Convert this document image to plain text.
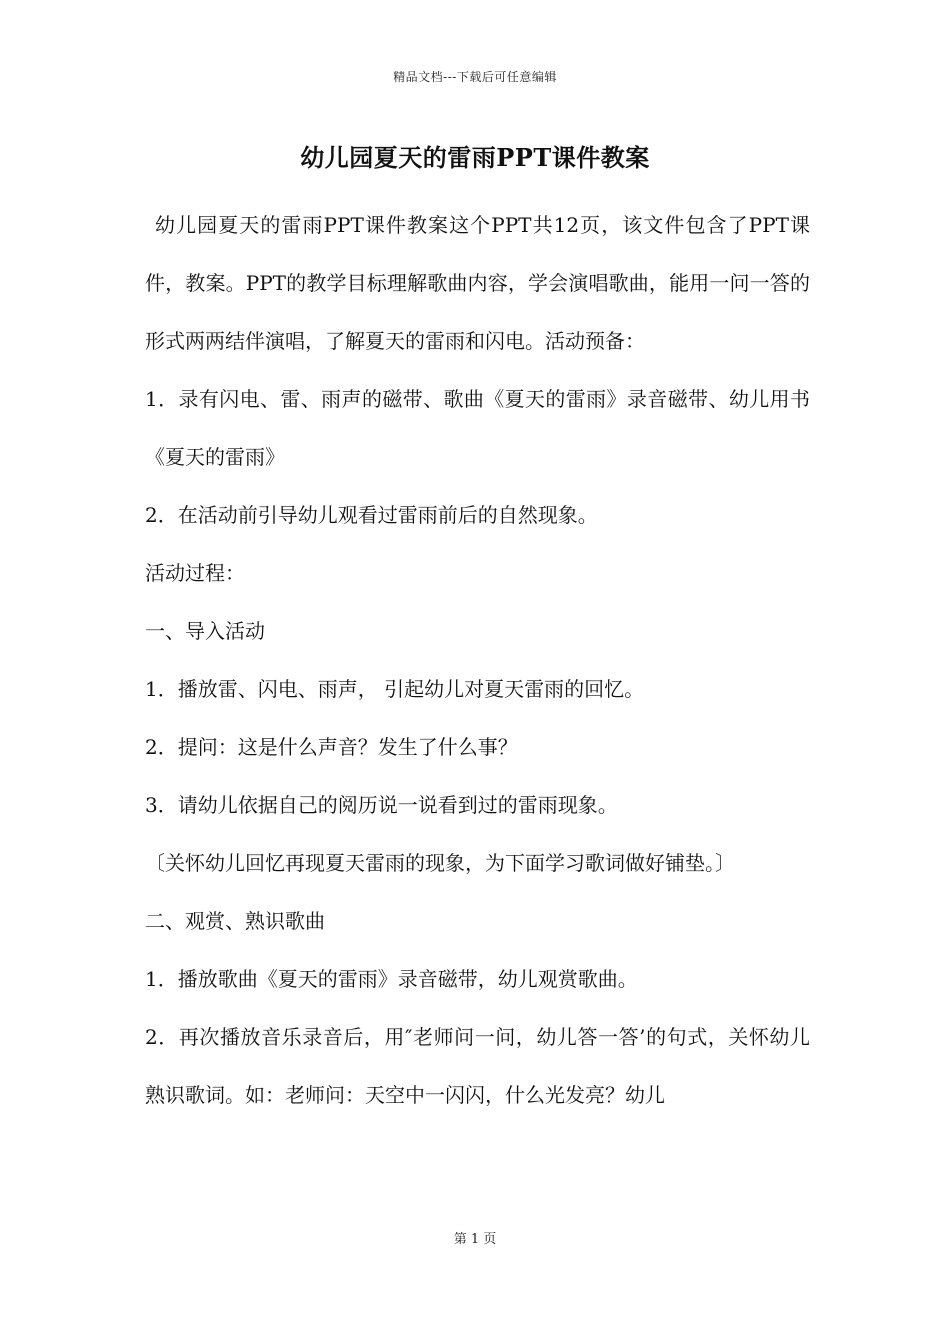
精品文档---下载后可任意编辑
幼儿园夏天的雷雨PPT课件教案

幼儿园夏天的雷雨PPT课件教案这个PPT共12页，该文件包含了PPT课件，教案。PPT的教学目标理解歌曲内容，学会演唱歌曲，能用一问一答的形式两两结伴演唱，了解夏天的雷雨和闪电。活动预备：

1．录有闪电、雷、雨声的磁带、歌曲《夏天的雷雨》录音磁带、幼儿用书《夏天的雷雨》

2．在活动前引导幼儿观看过雷雨前后的自然现象。

活动过程：

一、导入活动

1．播放雷、闪电、雨声， 引起幼儿对夏天雷雨的回忆。

2．提问：这是什么声音？发生了什么事？

3．请幼儿依据自己的阅历说一说看到过的雷雨现象。

〔关怀幼儿回忆再现夏天雷雨的现象，为下面学习歌词做好铺垫。〕

二、观赏、熟识歌曲

1．播放歌曲《夏天的雷雨》录音磁带，幼儿观赏歌曲。

2．再次播放音乐录音后，用″老师问一问，幼儿答一答’的句式，关怀幼儿熟识歌词。如：老师问：天空中一闪闪，什么光发亮？幼儿

第 1 页
